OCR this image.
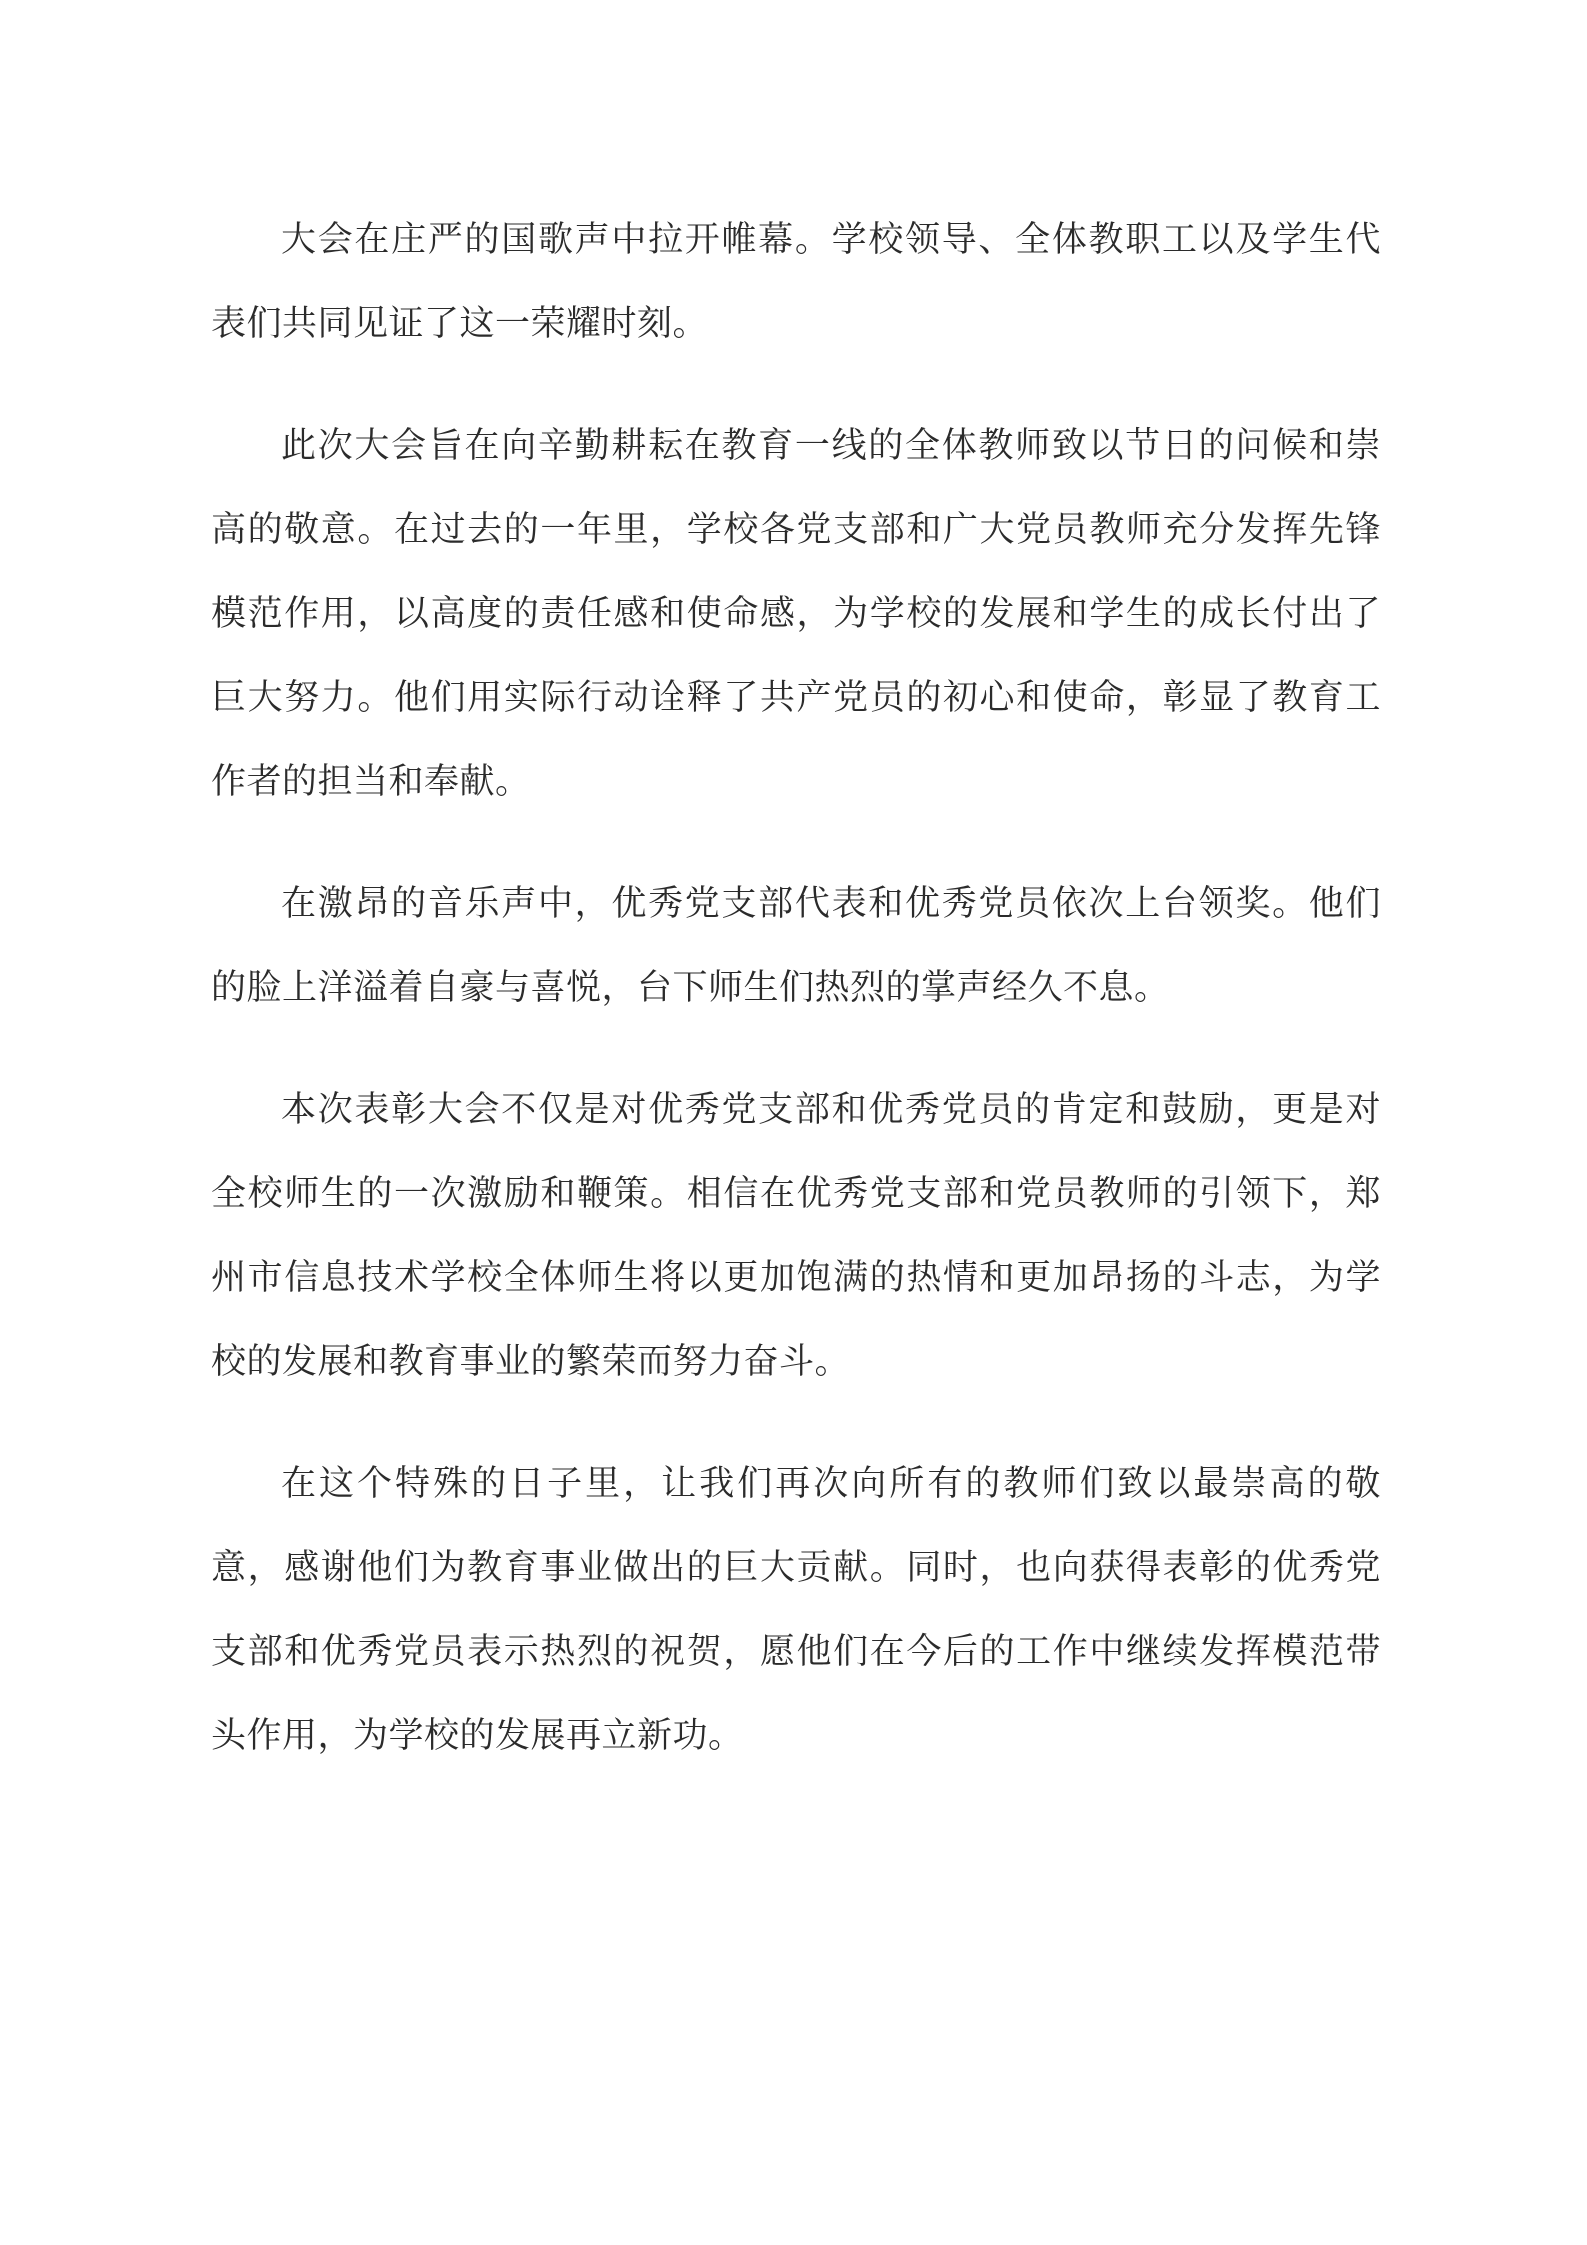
大会在庄严的国歌声中拉开帷幕。学校领导、全体教职工以及学生代表们共同见证了这一荣耀时刻。

此次大会旨在向辛勤耕耘在教育一线的全体教师致以节日的问候和崇高的敬意。在过去的一年里，学校各党支部和广大党员教师充分发挥先锋模范作用，以高度的责任感和使命感，为学校的发展和学生的成长付出了巨大努力。他们用实际行动诠释了共产党员的初心和使命，彰显了教育工作者的担当和奉献。

在激昂的音乐声中，优秀党支部代表和优秀党员依次上台领奖。他们的脸上洋溢着自豪与喜悦，台下师生们热烈的掌声经久不息。

本次表彰大会不仅是对优秀党支部和优秀党员的肯定和鼓励，更是对全校师生的一次激励和鞭策。相信在优秀党支部和党员教师的引领下，郑州市信息技术学校全体师生将以更加饱满的热情和更加昂扬的斗志，为学校的发展和教育事业的繁荣而努力奋斗。

在这个特殊的日子里，让我们再次向所有的教师们致以最崇高的敬意，感谢他们为教育事业做出的巨大贡献。同时，也向获得表彰的优秀党支部和优秀党员表示热烈的祝贺，愿他们在今后的工作中继续发挥模范带头作用，为学校的发展再立新功。
